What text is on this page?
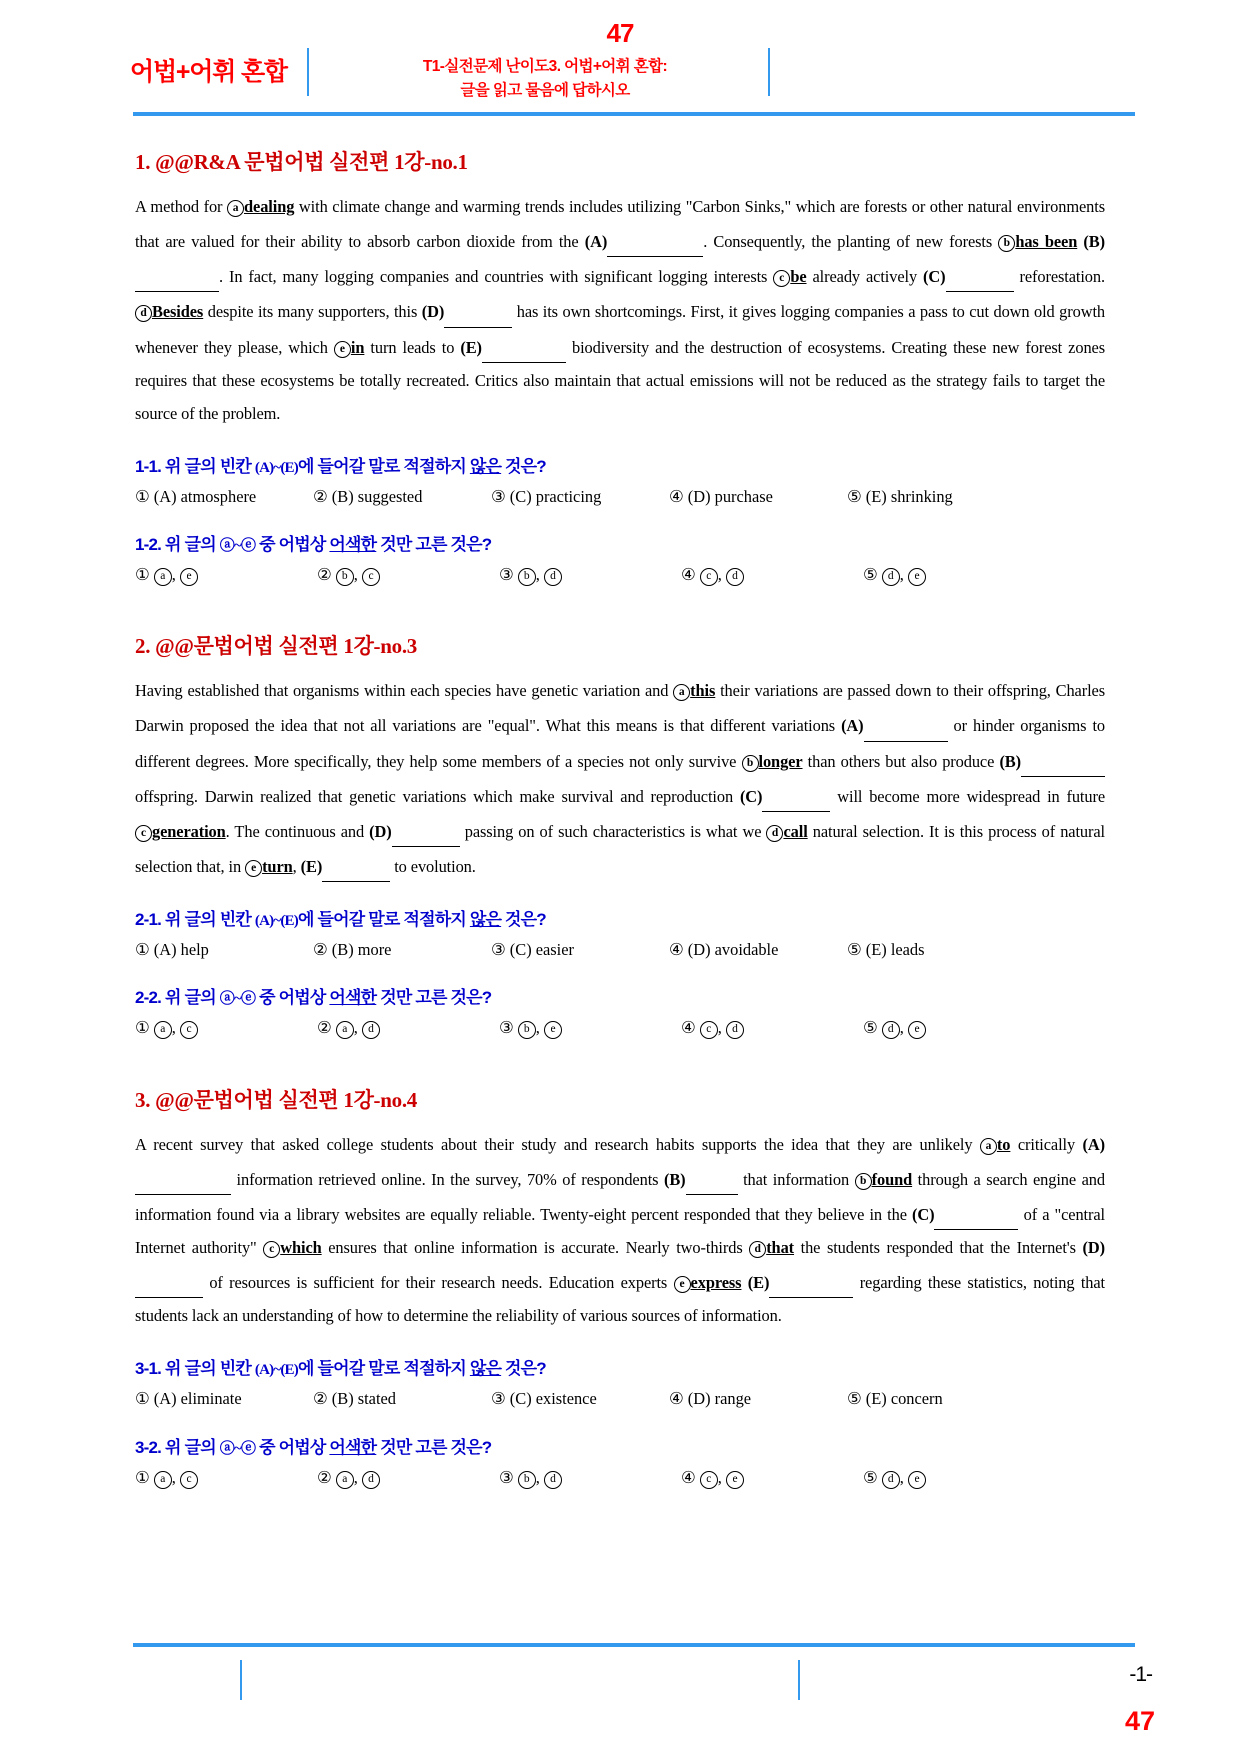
47
어법+어휘 혼합	T1-실전문제 난이도3. 어법+어휘 혼합:
글을 읽고 물음에 답하시오
1. @@R&A 문법어법 실전편 1강-no.1

A method for a dealing with climate change and warming trends includes utilizing "Carbon Sinks," which are forests or other natural environments that are valued for their ability to absorb carbon dioxide from the (A)	. Consequently, the planting of new forests b has been (B) . In fact, many logging companies and countries with significant logging interests c be already actively (C)	reforestation. d Besides despite its many supporters, this (D)	has its own shortcomings. First, it gives logging companies a pass to cut down old growth whenever they please, which e in turn leads to (E)	biodiversity and the destruction of ecosystems. Creating these new forest zones requires that these ecosystems be totally recreated. Critics also maintain that actual emissions will not be reduced as the strategy fails to target the source of the problem.

1-1. 위 글의 빈칸 (A)~(E)에 들어갈 말로 적절하지 않은 것은?
① (A) atmosphere	② (B) suggested	③ (C) practicing	④ (D) purchase	⑤ (E) shrinking
1-2. 위 글의 ⓐ~ⓔ 중 어법상 어색한 것만 고른 것은?
① a , e	② b , c	③ b , d	④ c , d	⑤ d , e
2. @@문법어법 실전편 1강-no.3

Having established that organisms within each species have genetic variation and a this their variations are passed down to their offspring, Charles Darwin proposed the idea that not all variations are "equal". What this means is that different variations (A)	or hinder organisms to different degrees. More specifically, they help some members of a species not only survive b longer than others but also produce (B)  offspring. Darwin realized that genetic variations which make survival and reproduction (C)	will become more widespread in future c generation. The continuous and (D)	passing on of such characteristics is what we d call natural selection. It is this process of natural selection that, in e turn, (E)	to evolution.

2-1. 위 글의 빈칸 (A)~(E)에 들어갈 말로 적절하지 않은 것은?
① (A) help	② (B) more	③ (C) easier	④ (D) avoidable	⑤ (E) leads
2-2. 위 글의 ⓐ~ⓔ 중 어법상 어색한 것만 고른 것은?
① a , c	② a , d	③ b , e	④ c , d	⑤ d , e
3. @@문법어법 실전편 1강-no.4

A recent survey that asked college students about their study and research habits supports the idea that they are unlikely a to critically (A)  information retrieved online. In the survey, 70% of respondents (B)	that information b found through a search engine and information found via a library websites are equally reliable. Twenty-eight percent responded that they believe in the (C)	of a "central Internet authority" c which ensures that online information is accurate. Nearly two-thirds d that the students responded that the Internet's (D)  of resources is sufficient for their research needs. Education experts e express (E)	regarding these statistics, noting that students lack an understanding of how to determine the reliability of various sources of information.

3-1. 위 글의 빈칸 (A)~(E)에 들어갈 말로 적절하지 않은 것은?
① (A) eliminate	② (B) stated	③ (C) existence	④ (D) range	⑤ (E) concern
3-2. 위 글의 ⓐ~ⓔ 중 어법상 어색한 것만 고른 것은?
① a , c	② a , d	③ b , d	④ c , e	⑤ d , e
-1-
47
